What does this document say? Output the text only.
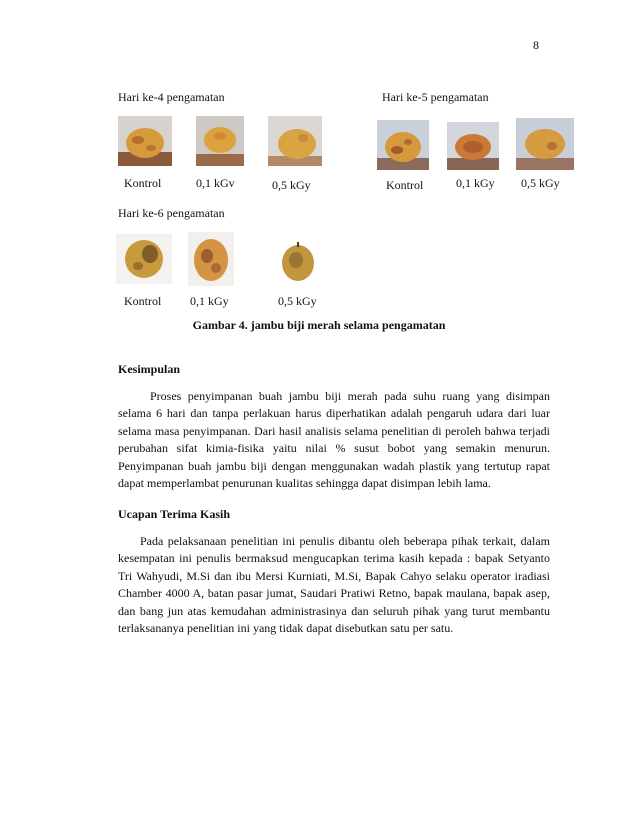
8
Hari ke-4 pengamatan
Kontrol	0,1 kGv	0,5 kGy
Hari ke-5 pengamatan
Kontrol	0,1 kGy 0,5 kGy
Hari ke-6 pengamatan
Kontrol 0,1 kGy	0,5 kGy
Gambar 4. jambu biji merah selama pengamatan
Kesimpulan

Proses penyimpanan buah jambu biji merah pada suhu ruang yang disimpan selama 6 hari dan tanpa perlakuan harus diperhatikan adalah pengaruh udara dari luar selama masa penyimpanan. Dari hasil analisis selama penelitian di peroleh bahwa terjadi perubahan sifat kimia-fisika yaitu nilai % susut bobot yang semakin menurun. Penyimpanan buah jambu biji dengan menggunakan wadah plastik yang tertutup rapat dapat memperlambat penurunan kualitas sehingga dapat disimpan lebih lama.

Ucapan Terima Kasih

Pada pelaksanaan penelitian ini penulis dibantu oleh beberapa pihak terkait, dalam kesempatan ini penulis bermaksud mengucapkan terima kasih kepada : bapak Setyanto Tri Wahyudi, M.Si dan ibu Mersi Kurniati, M.Si, Bapak Cahyo selaku operator iradiasi Chamber 4000 A, batan pasar jumat, Saudari Pratiwi Retno, bapak maulana, bapak asep, dan bang jun atas kemudahan administrasinya dan seluruh pihak yang turut membantu terlaksananya penelitian ini yang tidak dapat disebutkan satu per satu.
